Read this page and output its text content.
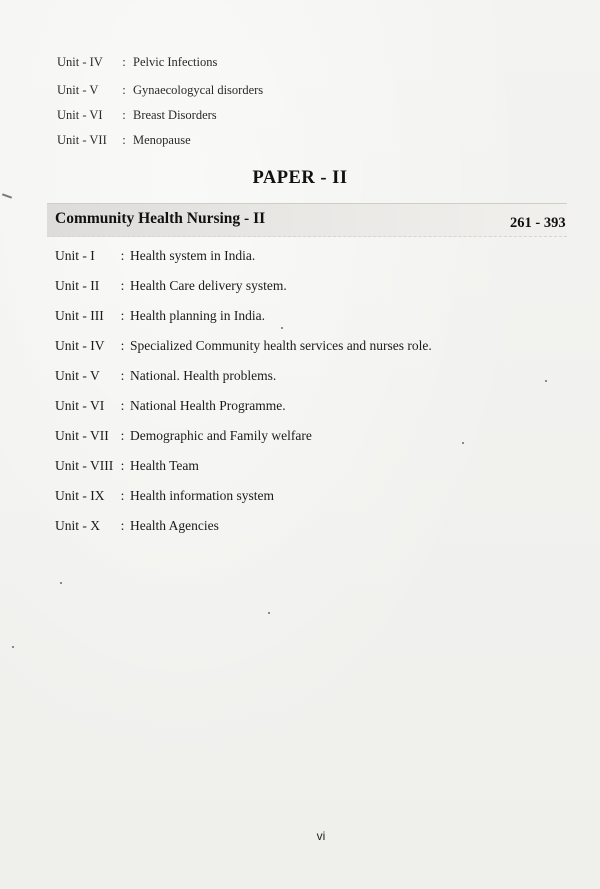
Unit - IV	: Pelvic Infections
Unit - V	: Gynaecologycal disorders
Unit - VI	: Breast Disorders
Unit - VII	: Menopause
PAPER - II
Community Health Nursing - II	261 - 393
Unit - I	: Health system in India.
Unit - II	: Health Care delivery system.
Unit - III	: Health planning in India.
Unit - IV	: Specialized Community health services and nurses role.
Unit - V	: National. Health problems.
Unit - VI	: National Health Programme.
Unit - VII : Demographic and Family welfare
Unit - VIII : Health Team
Unit - IX	: Health information system
Unit - X	: Health Agencies
vi
